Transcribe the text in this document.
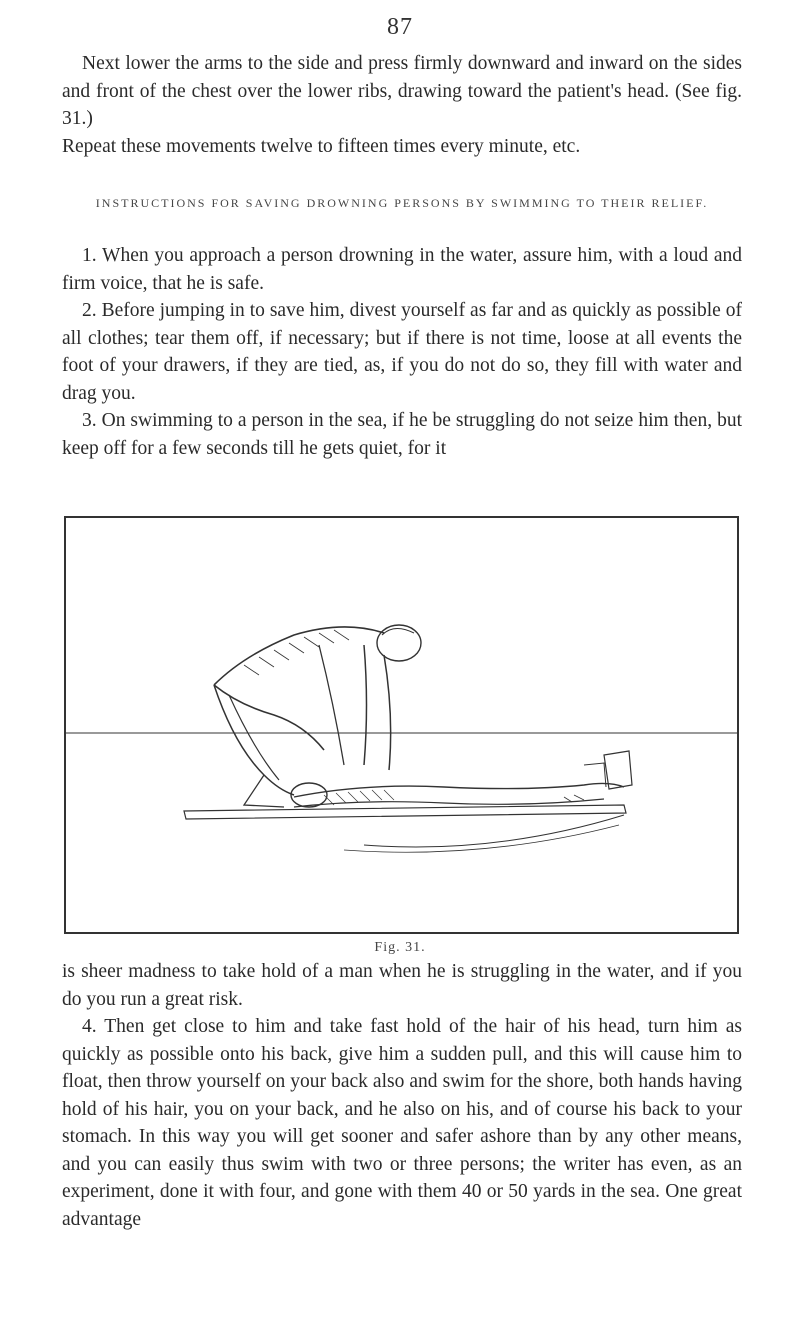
87

Next lower the arms to the side and press firmly downward and inward on the sides and front of the chest over the lower ribs, drawing toward the patient's head. (See fig. 31.)

Repeat these movements twelve to fifteen times every minute, etc.

INSTRUCTIONS FOR SAVING DROWNING PERSONS BY SWIMMING TO THEIR RELIEF.

1. When you approach a person drowning in the water, assure him, with a loud and firm voice, that he is safe.

2. Before jumping in to save him, divest yourself as far and as quickly as possible of all clothes; tear them off, if necessary; but if there is not time, loose at all events the foot of your drawers, if they are tied, as, if you do not do so, they fill with water and drag you.

3. On swimming to a person in the sea, if he be struggling do not seize him then, but keep off for a few seconds till he gets quiet, for it

Fig. 31.

is sheer madness to take hold of a man when he is struggling in the water, and if you do you run a great risk.

4. Then get close to him and take fast hold of the hair of his head, turn him as quickly as possible onto his back, give him a sudden pull, and this will cause him to float, then throw yourself on your back also and swim for the shore, both hands having hold of his hair, you on your back, and he also on his, and of course his back to your stomach. In this way you will get sooner and safer ashore than by any other means, and you can easily thus swim with two or three persons; the writer has even, as an experiment, done it with four, and gone with them 40 or 50 yards in the sea. One great advantage
